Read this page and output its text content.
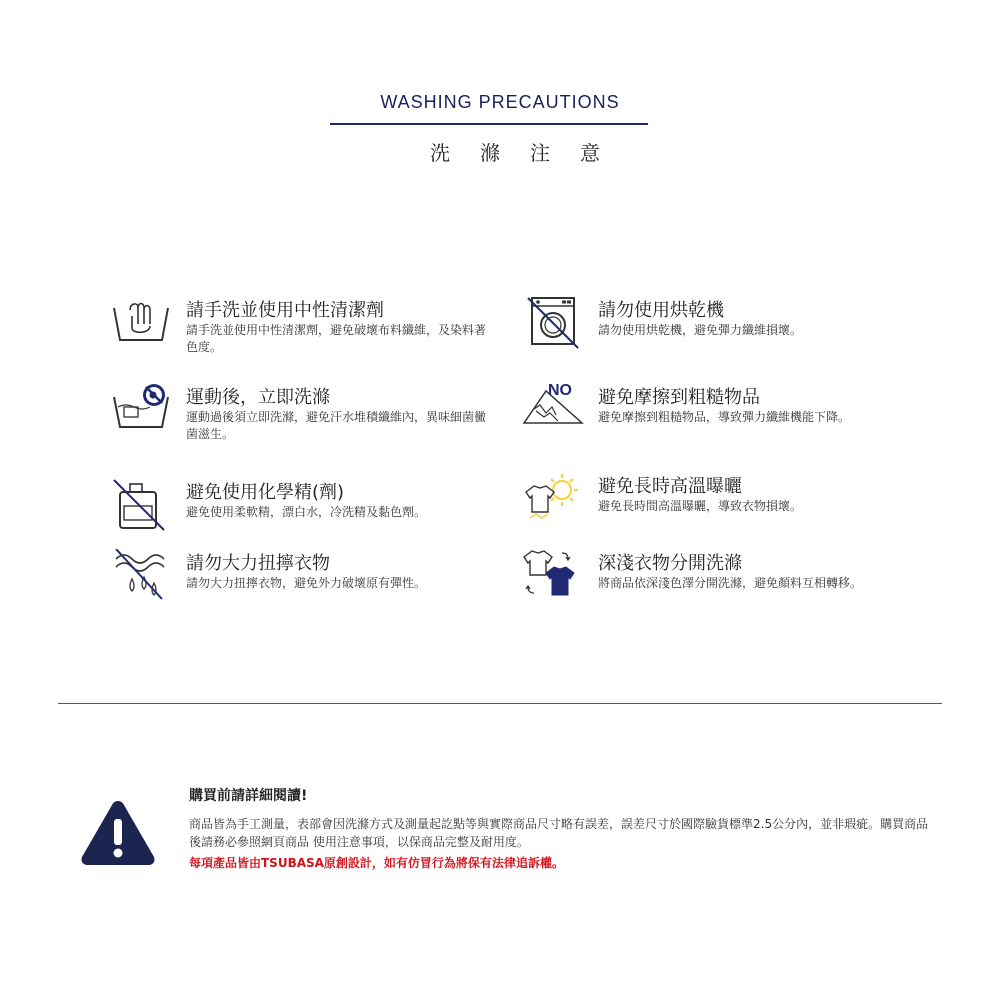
WASHING PRECAUTIONS
洗滌注意
請手洗並使用中性清潔劑
請手洗並使用中性清潔劑，避免破壞布料纖維，及染料著色度。
請勿使用烘乾機
請勿使用烘乾機，避免彈力纖維損壞。
運動後，立即洗滌
運動過後須立即洗滌，避免汗水堆積纖維內，異味細菌黴菌滋生。
NO 避免摩擦到粗糙物品
避免摩擦到粗糙物品，導致彈力纖維機能下降。
避免使用化學精(劑)
避免使用柔軟精，漂白水，冷洗精及黏色劑。
避免長時高溫曝曬
避免長時間高溫曝曬，導致衣物損壞。
請勿大力扭擰衣物
請勿大力扭擰衣物，避免外力破壞原有彈性。
深淺衣物分開洗滌
將商品依深淺色澤分開洗滌，避免顏料互相轉移。
購買前請詳細閱讀!
商品皆為手工測量，表部會因洗滌方式及測量起訖點等與實際商品尺寸略有誤差，誤差尺寸於國際驗貨標準2.5公分內，並非瑕疵。購買商品後請務必參照網頁商品 使用注意事項，以保商品完整及耐用度。
每項產品皆由TSUBASA原創設計，如有仿冒行為將保有法律追訴權。
